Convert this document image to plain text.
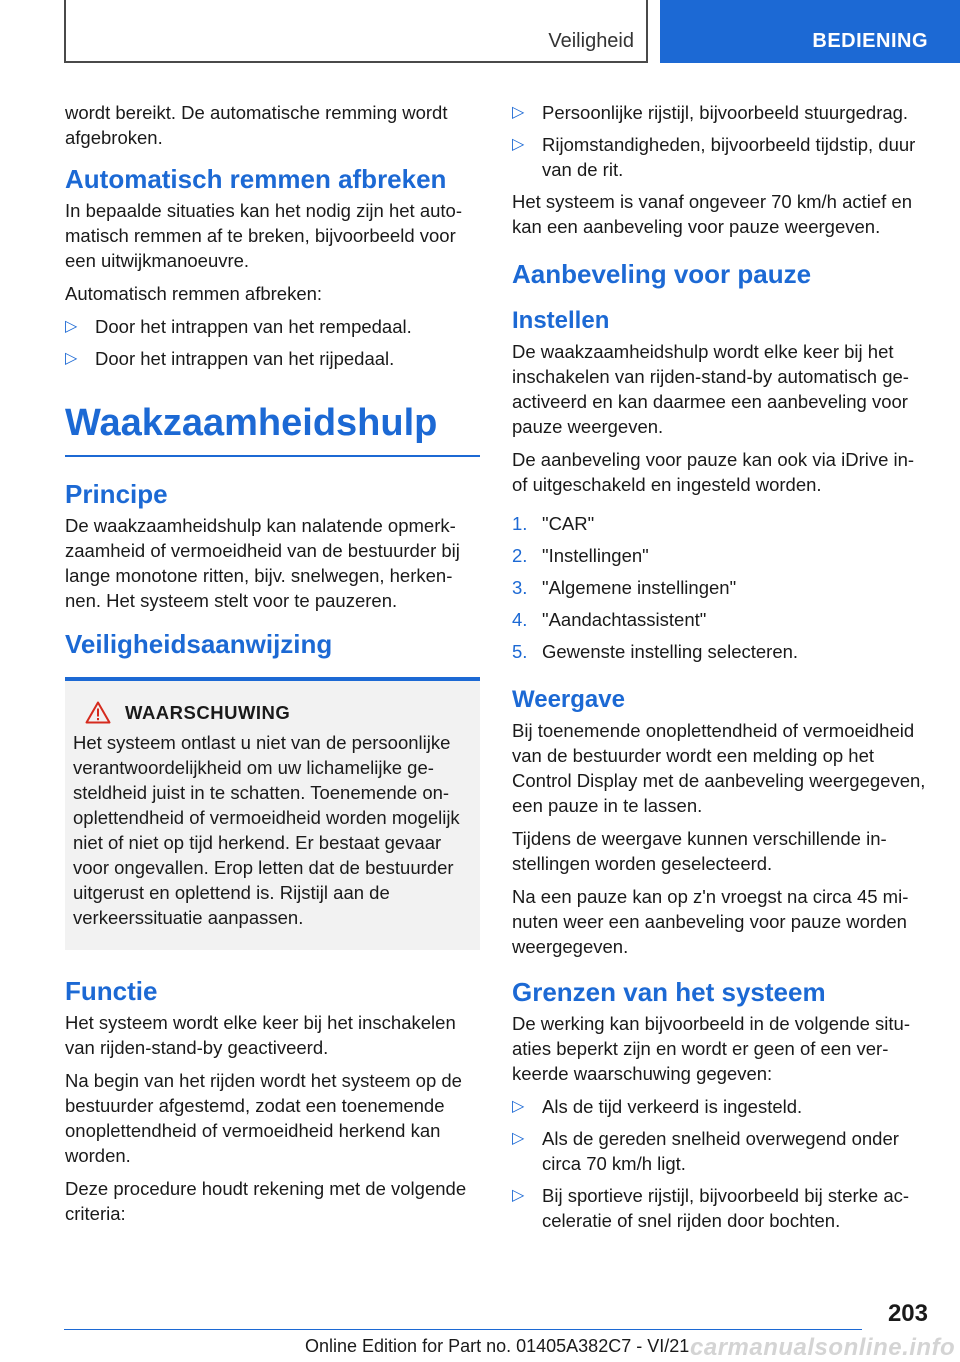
Veiligheid	BEDIENING

wordt bereikt. De automatische remming wordt afgebroken.

Automatisch remmen afbreken

In bepaalde situaties kan het nodig zijn het automatisch remmen af te breken, bijvoorbeeld voor een uitwijkmanoeuvre.

Automatisch remmen afbreken:

▷ Door het intrappen van het rempedaal.
▷ Door het intrappen van het rijpedaal.
Waakzaamheidshulp
Principe

De waakzaamheidshulp kan nalatende opmerkzaamheid of vermoeidheid van de bestuurder bij lange monotone ritten, bijv. snelwegen, herkennen. Het systeem stelt voor te pauzeren.

Veiligheidsaanwijzing
WAARSCHUWING

Het systeem ontlast u niet van de persoonlijke verantwoordelijkheid om uw lichamelijke gesteldheid juist in te schatten. Toenemende onoplettendheid of vermoeidheid worden mogelijk niet of niet op tijd herkend. Er bestaat gevaar voor ongevallen. Erop letten dat de bestuurder uitgerust en oplettend is. Rijstijl aan de verkeerssituatie aanpassen.

Functie

Het systeem wordt elke keer bij het inschakelen van rijden-stand-by geactiveerd.

Na begin van het rijden wordt het systeem op de bestuurder afgestemd, zodat een toenemende onoplettendheid of vermoeidheid herkend kan worden.

Deze procedure houdt rekening met de volgende criteria:

▷ Persoonlijke rijstijl, bijvoorbeeld stuurgedrag.
▷ Rijomstandigheden, bijvoorbeeld tijdstip, duur van de rit.

Het systeem is vanaf ongeveer 70 km/h actief en kan een aanbeveling voor pauze weergeven.

Aanbeveling voor pauze
Instellen

De waakzaamheidshulp wordt elke keer bij het inschakelen van rijden-stand-by automatisch geactiveerd en kan daarmee een aanbeveling voor pauze weergeven.

De aanbeveling voor pauze kan ook via iDrive in- of uitgeschakeld en ingesteld worden.

1. "CAR"
2. "Instellingen"
3. "Algemene instellingen"
4. "Aandachtassistent"
5. Gewenste instelling selecteren.
Weergave

Bij toenemende onoplettendheid of vermoeidheid van de bestuurder wordt een melding op het Control Display met de aanbeveling weergegeven, een pauze in te lassen.

Tijdens de weergave kunnen verschillende instellingen worden geselecteerd.

Na een pauze kan op z'n vroegst na circa 45 minuten weer een aanbeveling voor pauze worden weergegeven.

Grenzen van het systeem

De werking kan bijvoorbeeld in de volgende situaties beperkt zijn en wordt er geen of een verkeerde waarschuwing gegeven:

▷ Als de tijd verkeerd is ingesteld.
▷ Als de gereden snelheid overwegend onder circa 70 km/h ligt.
▷ Bij sportieve rijstijl, bijvoorbeeld bij sterke acceleratie of snel rijden door bochten.
203
Online Edition for Part no. 01405A382C7 - VI/21 carmanualsonline.info
